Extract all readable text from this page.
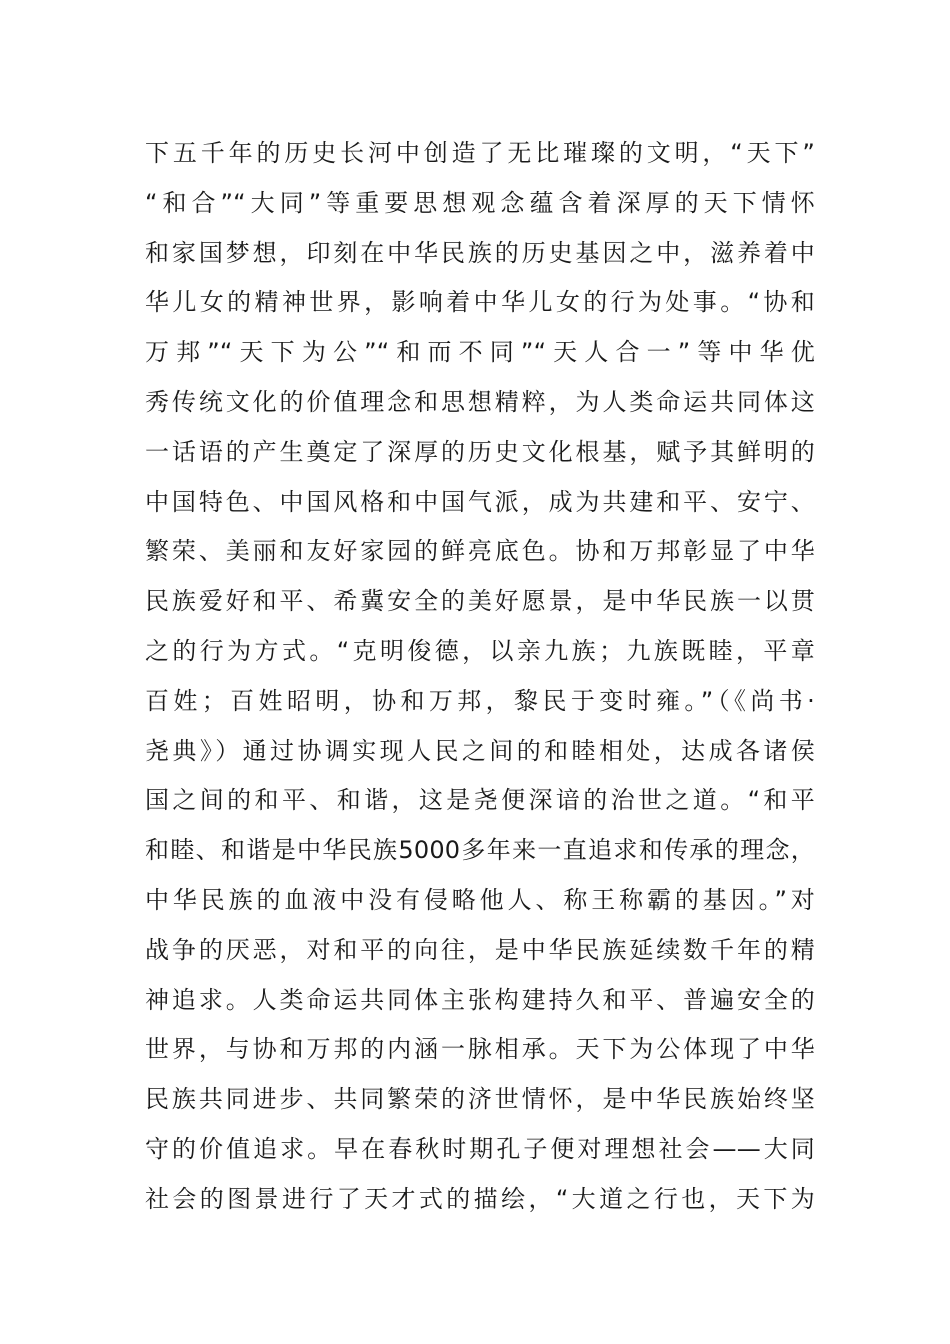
下五千年的历史长河中创造了无比璀璨的文明，“天下”
“和合”“大同”等重要思想观念蕴含着深厚的天下情怀
和家国梦想，印刻在中华民族的历史基因之中，滋养着中
华儿女的精神世界，影响着中华儿女的行为处事。“协和
万邦”“天下为公”“和而不同”“天人合一”等中华优
秀传统文化的价值理念和思想精粹，为人类命运共同体这
一话语的产生奠定了深厚的历史文化根基，赋予其鲜明的
中国特色、中国风格和中国气派，成为共建和平、安宁、
繁荣、美丽和友好家园的鲜亮底色。协和万邦彰显了中华
民族爱好和平、希冀安全的美好愿景，是中华民族一以贯
之的行为方式。“克明俊德，以亲九族；九族既睦，平章
百姓；百姓昭明，协和万邦，黎民于变时雍。”（《尚书·
尧典》）通过协调实现人民之间的和睦相处，达成各诸侯
国之间的和平、和谐，这是尧便深谙的治世之道。“和平
和睦、和谐是中华民族5000多年来一直追求和传承的理念，
中华民族的血液中没有侵略他人、称王称霸的基因。”对
战争的厌恶，对和平的向往，是中华民族延续数千年的精
神追求。人类命运共同体主张构建持久和平、普遍安全的
世界，与协和万邦的内涵一脉相承。天下为公体现了中华
民族共同进步、共同繁荣的济世情怀，是中华民族始终坚
守的价值追求。早在春秋时期孔子便对理想社会——大同
社会的图景进行了天才式的描绘，“大道之行也，天下为
